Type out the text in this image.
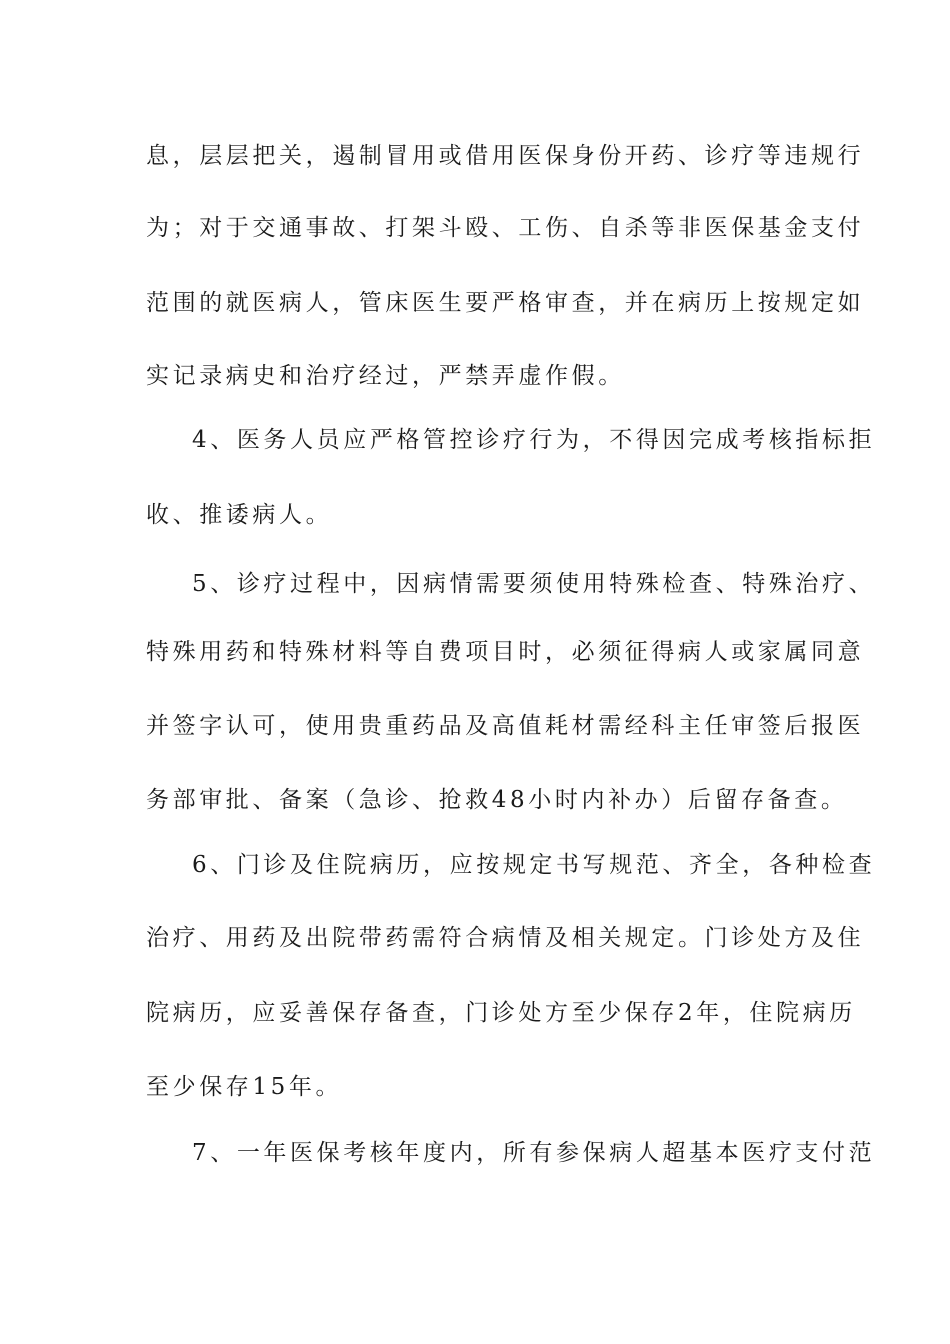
息，层层把关，遏制冒用或借用医保身份开药、诊疗等违规行
为；对于交通事故、打架斗殴、工伤、自杀等非医保基金支付
范围的就医病人，管床医生要严格审查，并在病历上按规定如
实记录病史和治疗经过，严禁弄虚作假。
4、医务人员应严格管控诊疗行为，不得因完成考核指标拒
收、推诿病人。
5、诊疗过程中，因病情需要须使用特殊检查、特殊治疗、
特殊用药和特殊材料等自费项目时，必须征得病人或家属同意
并签字认可，使用贵重药品及高值耗材需经科主任审签后报医
务部审批、备案（急诊、抢救48小时内补办）后留存备查。
6、门诊及住院病历，应按规定书写规范、齐全，各种检查
治疗、用药及出院带药需符合病情及相关规定。门诊处方及住
院病历，应妥善保存备查，门诊处方至少保存2年，住院病历
至少保存15年。
7、一年医保考核年度内，所有参保病人超基本医疗支付范
